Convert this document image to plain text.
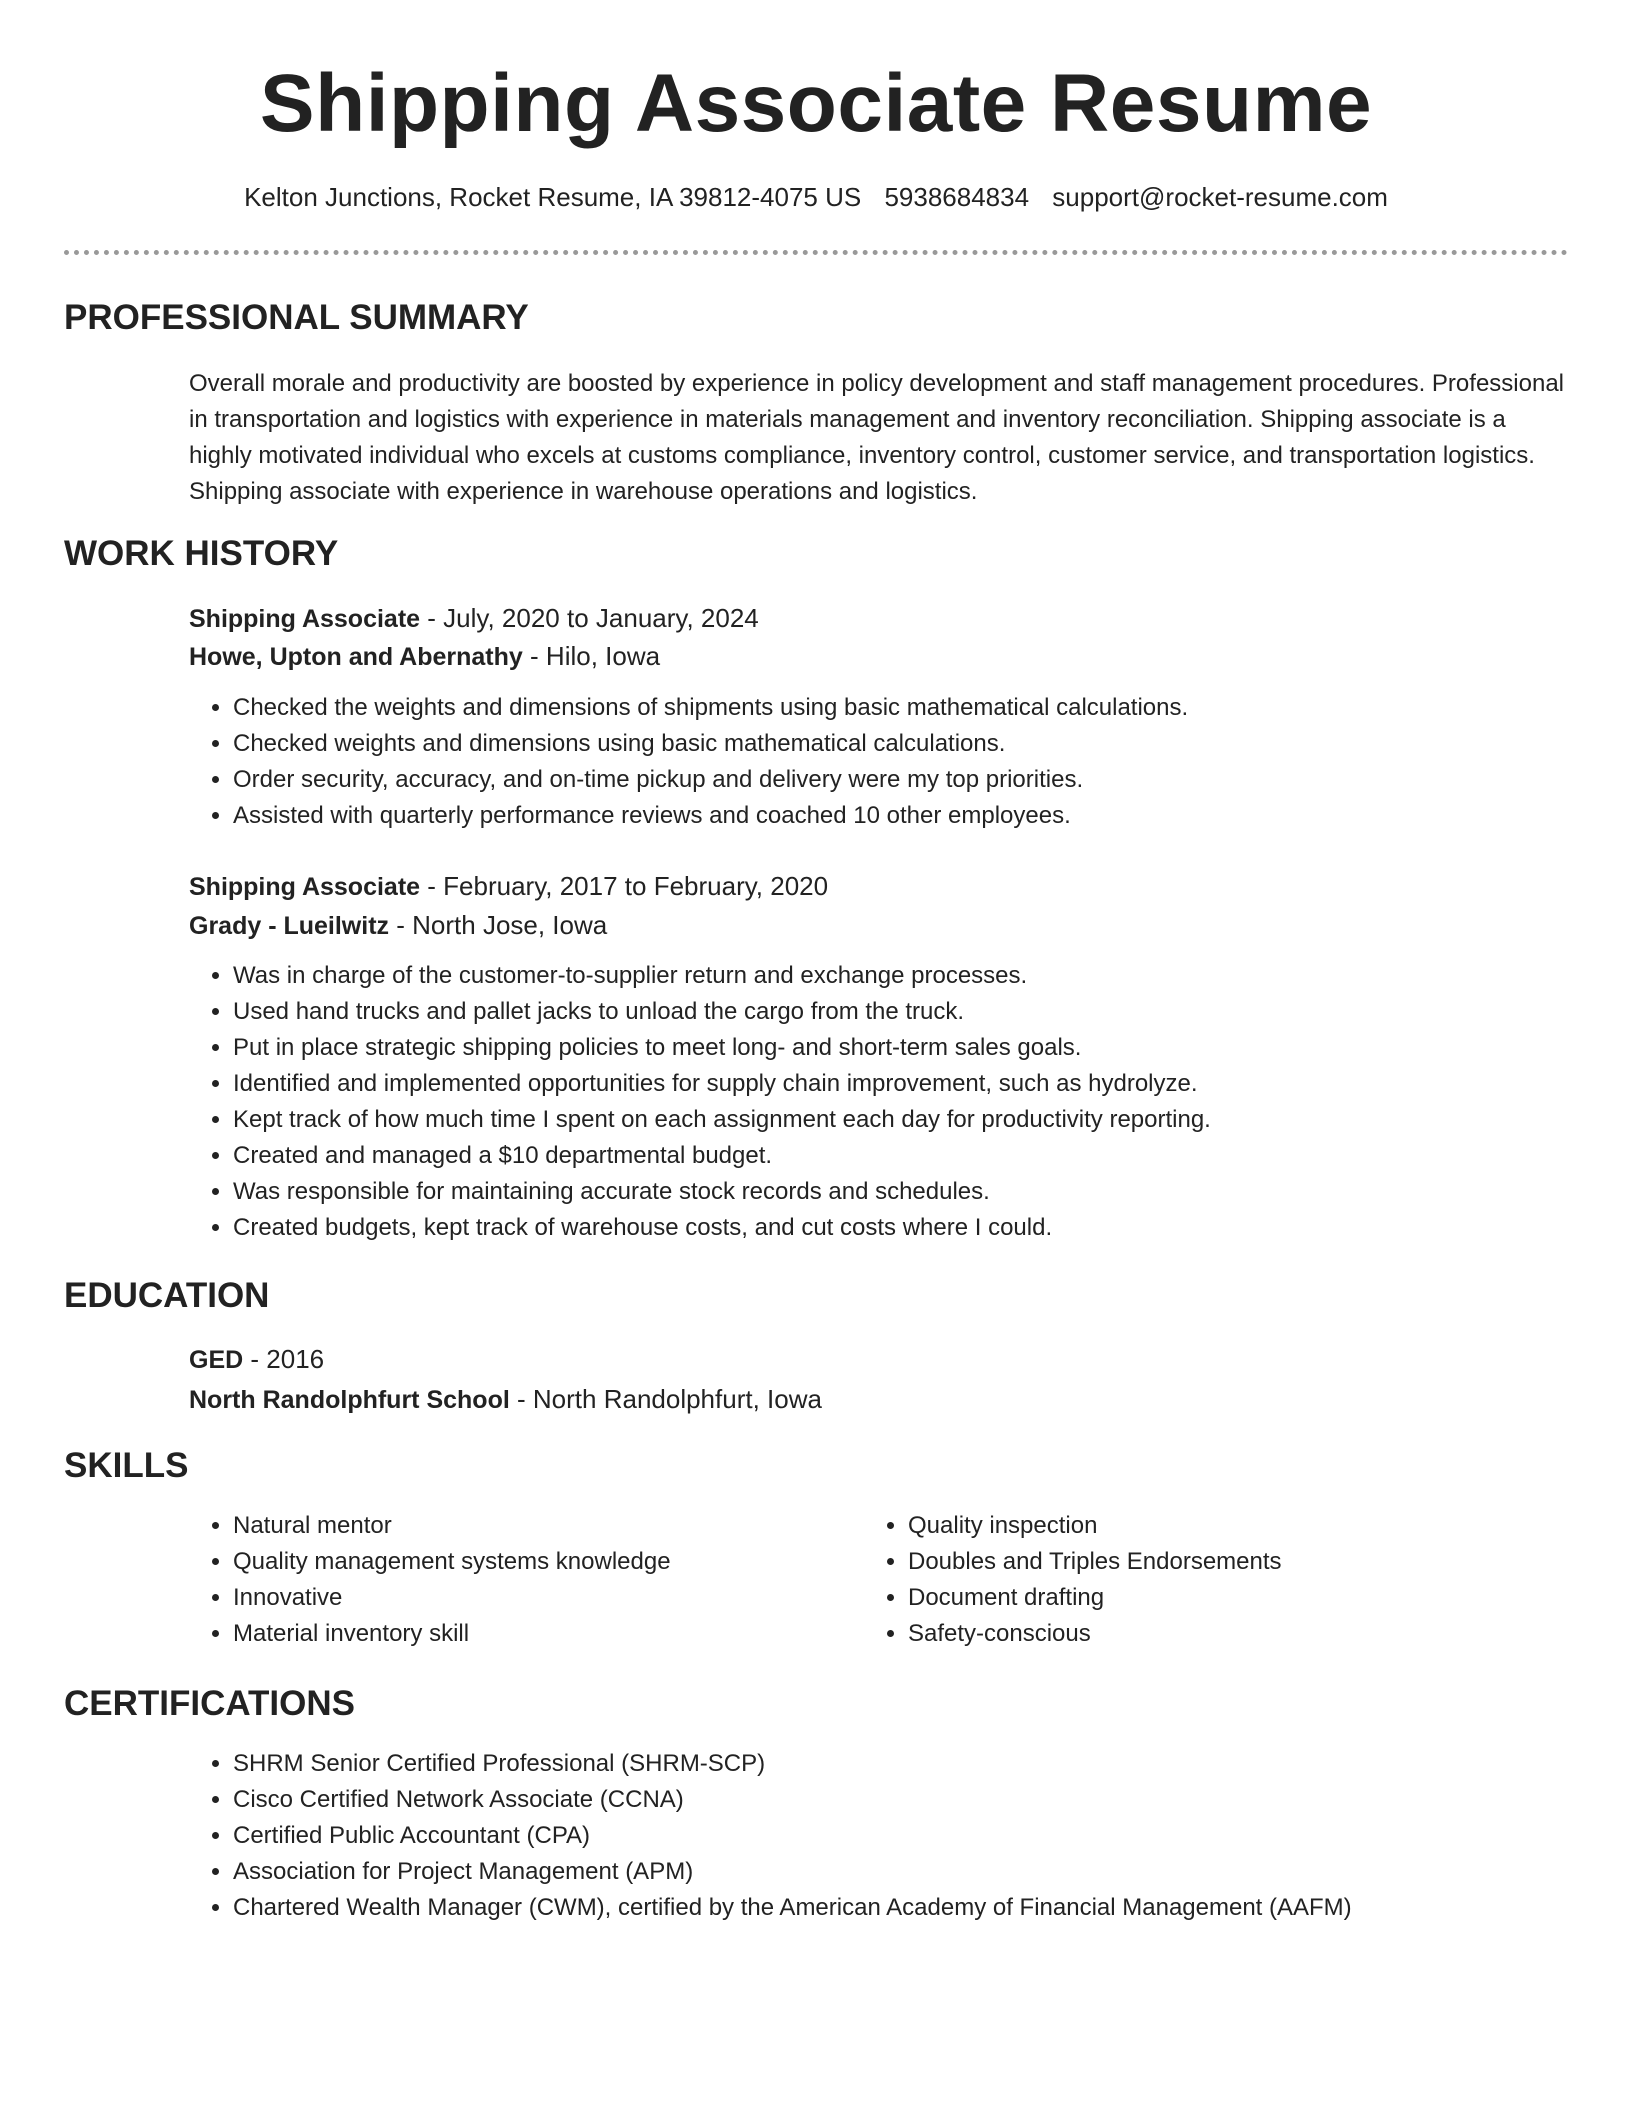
Shipping Associate Resume
Kelton Junctions, Rocket Resume, IA 39812-4075 US 5938684834 support@rocket-resume.com
PROFESSIONAL SUMMARY

Overall morale and productivity are boosted by experience in policy development and staff management procedures. Professional in transportation and logistics with experience in materials management and inventory reconciliation. Shipping associate is a highly motivated individual who excels at customs compliance, inventory control, customer service, and transportation logistics. Shipping associate with experience in warehouse operations and logistics.

WORK HISTORY

Shipping Associate - July, 2020 to January, 2024

Howe, Upton and Abernathy - Hilo, Iowa

• Checked the weights and dimensions of shipments using basic mathematical calculations.
• Checked weights and dimensions using basic mathematical calculations.
• Order security, accuracy, and on-time pickup and delivery were my top priorities.
• Assisted with quarterly performance reviews and coached 10 other employees.

Shipping Associate - February, 2017 to February, 2020

Grady - Lueilwitz - North Jose, Iowa

• Was in charge of the customer-to-supplier return and exchange processes.
• Used hand trucks and pallet jacks to unload the cargo from the truck.
• Put in place strategic shipping policies to meet long- and short-term sales goals.
• Identified and implemented opportunities for supply chain improvement, such as hydrolyze.
• Kept track of how much time I spent on each assignment each day for productivity reporting.
• Created and managed a $10 departmental budget.
• Was responsible for maintaining accurate stock records and schedules.
• Created budgets, kept track of warehouse costs, and cut costs where I could.
EDUCATION

GED - 2016

North Randolphfurt School - North Randolphfurt, Iowa

SKILLS
• Natural mentor
• Quality management systems knowledge
• Innovative
• Material inventory skill
• Quality inspection
• Doubles and Triples Endorsements
• Document drafting
• Safety-conscious
CERTIFICATIONS
• SHRM Senior Certified Professional (SHRM-SCP)
• Cisco Certified Network Associate (CCNA)
• Certified Public Accountant (CPA)
• Association for Project Management (APM)
• Chartered Wealth Manager (CWM), certified by the American Academy of Financial Management (AAFM)
